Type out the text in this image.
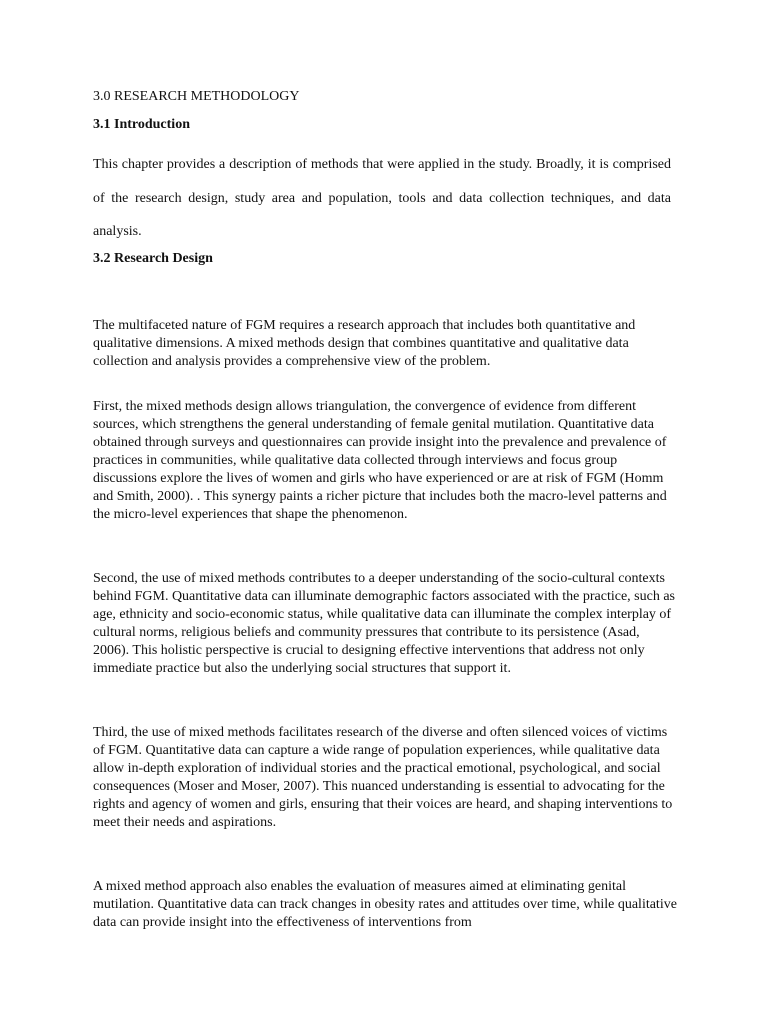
3.0 RESEARCH METHODOLOGY
3.1 Introduction
This chapter provides a description of methods that were applied in the study. Broadly, it is comprised of the research design, study area and population, tools and data collection techniques, and data analysis.
3.2 Research Design
The multifaceted nature of FGM requires a research approach that includes both quantitative and qualitative dimensions. A mixed methods design that combines quantitative and qualitative data collection and analysis provides a comprehensive view of the problem.
First, the mixed methods design allows triangulation, the convergence of evidence from different sources, which strengthens the general understanding of female genital mutilation. Quantitative data obtained through surveys and questionnaires can provide insight into the prevalence and prevalence of practices in communities, while qualitative data collected through interviews and focus group discussions explore the lives of women and girls who have experienced or are at risk of FGM (Homm and Smith, 2000). . This synergy paints a richer picture that includes both the macro-level patterns and the micro-level experiences that shape the phenomenon.
Second, the use of mixed methods contributes to a deeper understanding of the socio-cultural contexts behind FGM. Quantitative data can illuminate demographic factors associated with the practice, such as age, ethnicity and socio-economic status, while qualitative data can illuminate the complex interplay of cultural norms, religious beliefs and community pressures that contribute to its persistence (Asad, 2006). This holistic perspective is crucial to designing effective interventions that address not only immediate practice but also the underlying social structures that support it.
Third, the use of mixed methods facilitates research of the diverse and often silenced voices of victims of FGM. Quantitative data can capture a wide range of population experiences, while qualitative data allow in-depth exploration of individual stories and the practical emotional, psychological, and social consequences (Moser and Moser, 2007). This nuanced understanding is essential to advocating for the rights and agency of women and girls, ensuring that their voices are heard, and shaping interventions to meet their needs and aspirations.
A mixed method approach also enables the evaluation of measures aimed at eliminating genital mutilation. Quantitative data can track changes in obesity rates and attitudes over time, while qualitative data can provide insight into the effectiveness of interventions from
